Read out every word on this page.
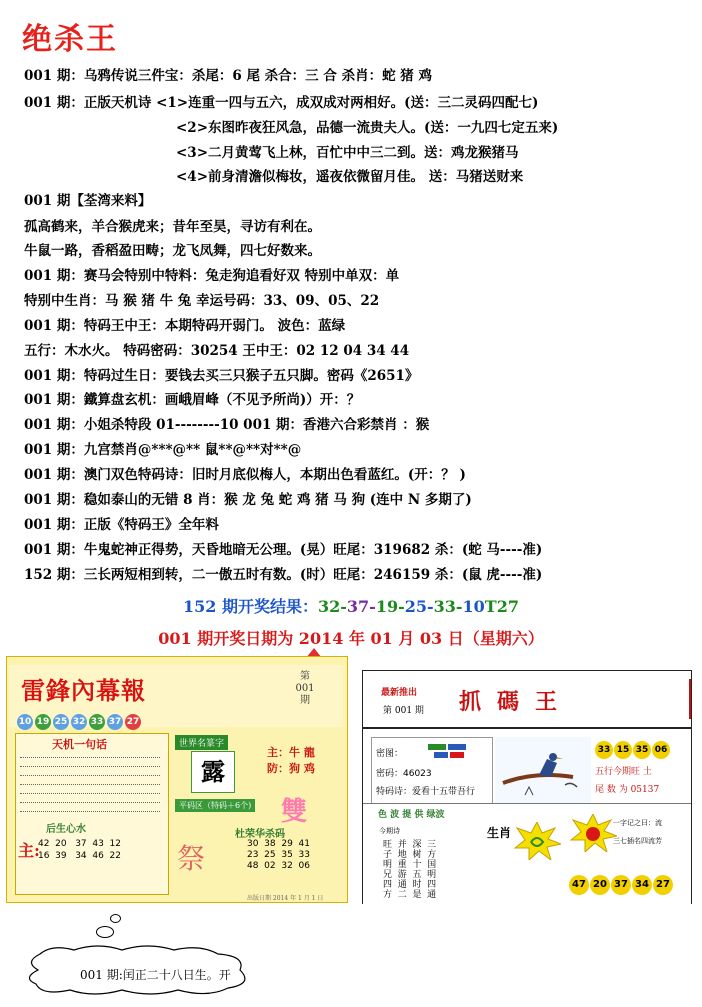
绝杀王
001 期：乌鸦传说三件宝：杀尾：6 尾 杀合：三 合 杀肖：蛇 猪 鸡
001 期：正版天机诗 <1>连重一四与五六，成双成对两相好。(送：三二灵码四配七)
<2>东图昨夜狂风急，品德一流贵夫人。(送：一九四七定五来)
<3>二月黄莺飞上林，百忙中中三二到。送：鸡龙猴猪马
<4>前身清澹似梅妆，遥夜依微留月佳。 送：马猪送财来
001 期【荃湾来料】
孤高鹤来，羊合猴虎来；昔年至昊，寻访有利在。
牛鼠一路，香稻盈田畴；龙飞凤舞，四七好数来。
001 期：赛马会特别中特料：兔走狗追看好双 特别中单双：单
特别中生肖：马 猴 猪 牛 兔 幸运号码：33、09、05、22
001 期：特码王中王：本期特码开弱门。 波色：蓝绿
五行：木水火。 特码密码：30254 王中王：02 12 04 34 44
001 期：特码过生日：要钱去买三只猴子五只脚。密码《2651》
001 期：鐵算盘玄机：画峨眉峰（不见予所尚)）开：？
001 期：小姐杀特段 01--------10 001 期：香港六合彩禁肖 ：猴
001 期：九宫禁肖@***@** 鼠**@**对**@
001 期：澳门双色特码诗：旧时月底似梅人，本期出色看蓝红。(开：？ )
001 期：稳如泰山的无错 8 肖：猴 龙 兔 蛇 鸡 猪 马 狗 (连中 N 多期了)
001 期：正版《特码王》全年料
001 期：牛鬼蛇神正得势，天昏地暗无公理。(晃）旺尾：319682 杀：(蛇 马----准)
152 期：三长两短相到转，二一傲五时有数。(时）旺尾：246159 杀：(鼠 虎----准)
152 期开奖结果：32-37-19-25-33-10T27
001 期开奖日期为 2014 年 01 月 03 日（星期六）
雷鋒內幕報	第 001 期
10 19 25 32 33 37 27
天机一句话
后生心水
主:
42  20   37  43  12
16  39   34  46  22
世界名篆字
露
主：牛 龍
防：狗 鸡
平码区（特码＋6个) 雙
祭
杜荣华杀码
30  38  29  41
23  25  35  33
48  02  32  06
出版日期 2014 年 1 月 1 日
最新推出
第 001 期 抓碼王
密图：
密码：46023
特码诗：爱看十五带吾行
33 15 35 06
五行今期旺 土
尾 数 为 05137
色 波 提 供 绿波
今期诗
旺  并  深  三
子  地  树  方
明  重  十  国
兄  游  五  明
四  通  时  四
方  二  是  通
生肖
一字记之曰：流
三七插名四流芳
47 20 37 34 27
001 期:闰正二十八日生。开
